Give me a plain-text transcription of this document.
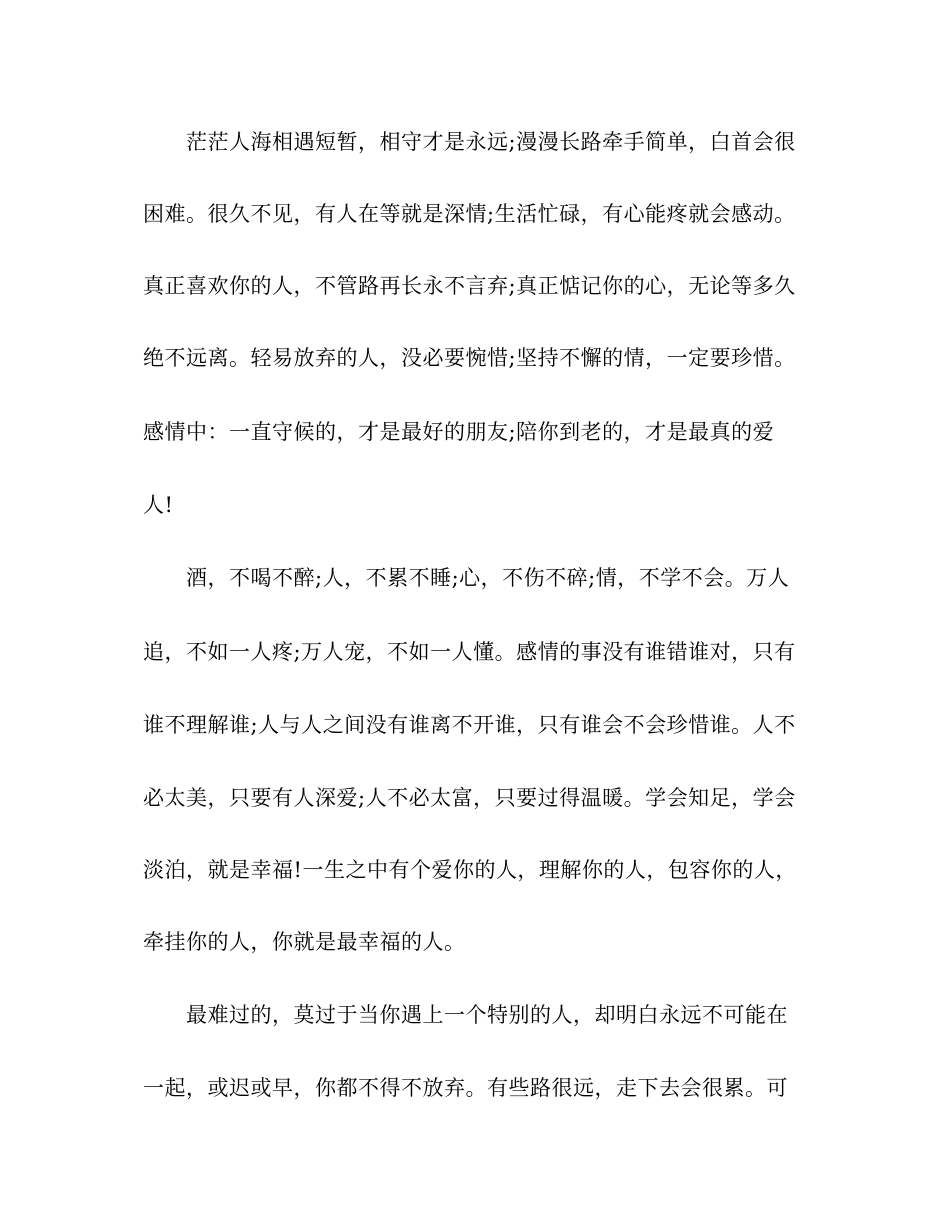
茫茫人海相遇短暂，相守才是永远;漫漫长路牵手简单，白首会很
困难。很久不见，有人在等就是深情;生活忙碌，有心能疼就会感动。
真正喜欢你的人，不管路再长永不言弃;真正惦记你的心，无论等多久
绝不远离。轻易放弃的人，没必要惋惜;坚持不懈的情，一定要珍惜。
感情中：一直守候的，才是最好的朋友;陪你到老的，才是最真的爱
人!
酒，不喝不醉;人，不累不睡;心，不伤不碎;情，不学不会。万人
追，不如一人疼;万人宠，不如一人懂。感情的事没有谁错谁对，只有
谁不理解谁;人与人之间没有谁离不开谁，只有谁会不会珍惜谁。人不
必太美，只要有人深爱;人不必太富，只要过得温暖。学会知足，学会
淡泊，就是幸福!一生之中有个爱你的人，理解你的人，包容你的人，
牵挂你的人，你就是最幸福的人。
最难过的，莫过于当你遇上一个特别的人，却明白永远不可能在
一起，或迟或早，你都不得不放弃。有些路很远，走下去会很累。可
